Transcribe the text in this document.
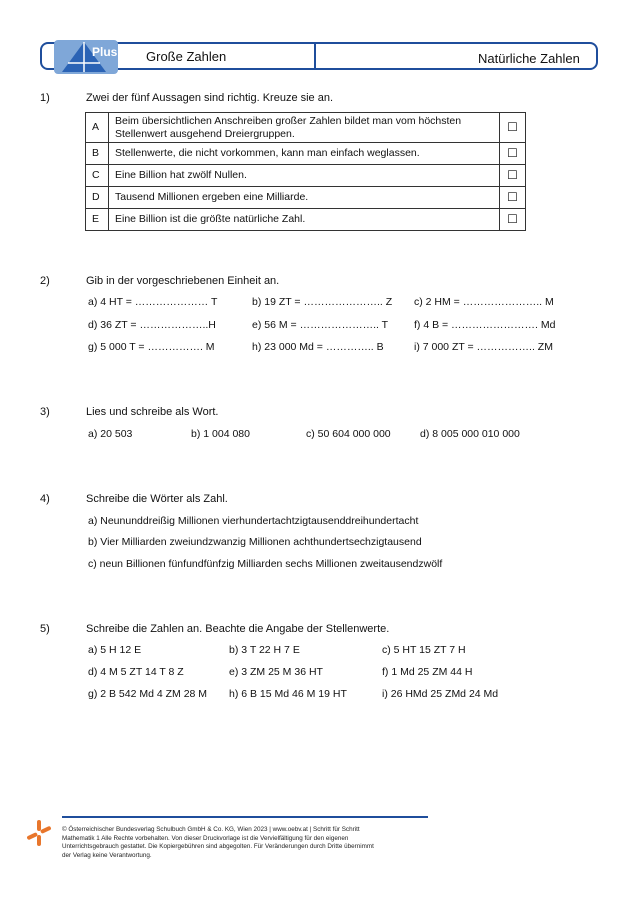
Plus Große Zahlen	Natürliche Zahlen
1)	Zwei der fünf Aussagen sind richtig. Kreuze sie an.
A	Beim übersichtlichen Anschreiben großer Zahlen bildet man vom höchsten
Stellenwert ausgehend Dreiergruppen.	☐
B	Stellenwerte, die nicht vorkommen, kann man einfach weglassen.	☐
C	Eine Billion hat zwölf Nullen.	☐
D	Tausend Millionen ergeben eine Milliarde.	☐
E	Eine Billion ist die größte natürliche Zahl.	☐
2)	Gib in der vorgeschriebenen Einheit an.
a) 4 HT = ………………… T	b) 19 ZT = ………………….. Z c) 2 HM = ………………….. M
d) 36 ZT = ………………..H	e) 56 M = ………………….. T f) 4 B = ……………………. Md
g) 5 000 T = ……………. M	h) 23 000 Md = ………….. B	i) 7 000 ZT = …………….. ZM
3)	Lies und schreibe als Wort.
a) 20 503	b) 1 004 080	c) 50 604 000 000	d) 8 005 000 010 000
4)	Schreibe die Wörter als Zahl.
a) Neununddreißig Millionen vierhundertachtzigtausenddreihundertacht
b) Vier Milliarden zweiundzwanzig Millionen achthundertsechzigtausend
c) neun Billionen fünfundfünfzig Milliarden sechs Millionen zweitausendzwölf
5)	Schreibe die Zahlen an. Beachte die Angabe der Stellenwerte.
a) 5 H 12 E	b) 3 T 22 H 7 E	c) 5 HT 15 ZT 7 H
d) 4 M 5 ZT 14 T 8 Z	e) 3 ZM 25 M 36 HT	f) 1 Md 25 ZM 44 H
g) 2 B 542 Md 4 ZM 28 M h) 6 B 15 Md 46 M 19 HT	i) 26 HMd 25 ZMd 24 Md
© Österreichischer Bundesverlag Schulbuch GmbH & Co. KG, Wien 2023 | www.oebv.at | Schritt für Schritt
Mathematik 1 Alle Rechte vorbehalten. Von dieser Druckvorlage ist die Vervielfältigung für den eigenen
Unterrichtsgebrauch gestattet. Die Kopiergebühren sind abgegolten. Für Veränderungen durch Dritte übernimmt
der Verlag keine Verantwortung.
